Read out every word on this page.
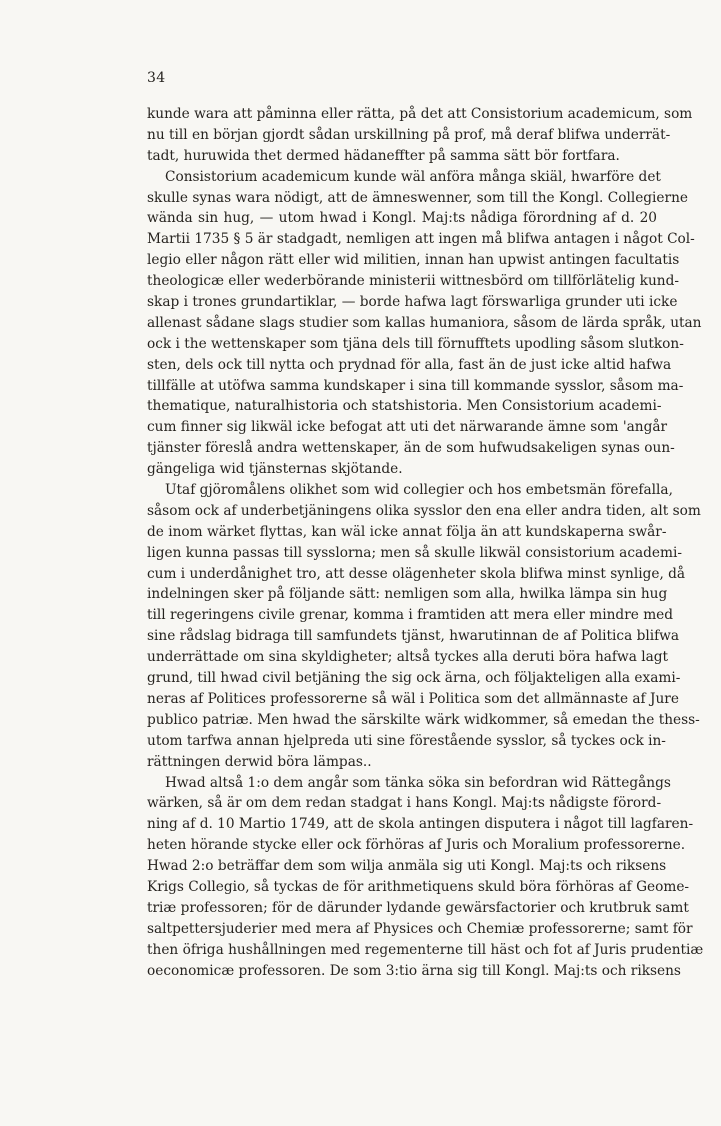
34
kunde wara att påminna eller rätta, på det att Consistorium academicum, som
nu till en början gjordt sådan urskillning på prof, må deraf blifwa underrät-
tadt, huruwida thet dermed hädaneffter på samma sätt bör fortfara.
Consistorium academicum kunde wäl anföra många skiäl, hwarföre det
skulle synas wara nödigt, att de ämneswenner, som till the Kongl. Collegierne
wända sin hug, — utom hwad i Kongl. Maj:ts nådiga förordning af d. 20
Martii 1735 § 5 är stadgadt, nemligen att ingen må blifwa antagen i något Col-
legio eller någon rätt eller wid militien, innan han upwist antingen facultatis
theologicæ eller wederbörande ministerii wittnesbörd om tillförlätelig kund-
skap i trones grundartiklar, — borde hafwa lagt förswarliga grunder uti icke
allenast sådane slags studier som kallas humaniora, såsom de lärda språk, utan
ock i the wettenskaper som tjäna dels till förnufftets upodling såsom slutkon-
sten, dels ock till nytta och prydnad för alla, fast än de just icke altid hafwa
tillfälle at utöfwa samma kundskaper i sina till kommande sysslor, såsom ma-
thematique, naturalhistoria och statshistoria. Men Consistorium academi-
cum finner sig likwäl icke befogat att uti det närwarande ämne som 'angår
tjänster föreslå andra wettenskaper, än de som hufwudsakeligen synas oun-
gängeliga wid tjänsternas skjötande.
Utaf gjöromålens olikhet som wid collegier och hos embetsmän förefalla,
såsom ock af underbetjäningens olika sysslor den ena eller andra tiden, alt som
de inom wärket flyttas, kan wäl icke annat följa än att kundskaperna swår-
ligen kunna passas till sysslorna; men så skulle likwäl consistorium academi-
cum i underdånighet tro, att desse olägenheter skola blifwa minst synlige, då
indelningen sker på följande sätt: nemligen som alla, hwilka lämpa sin hug
till regeringens civile grenar, komma i framtiden att mera eller mindre med
sine rådslag bidraga till samfundets tjänst, hwarutinnan de af Politica blifwa
underrättade om sina skyldigheter; altså tyckes alla deruti böra hafwa lagt
grund, till hwad civil betjäning the sig ock ärna, och följakteligen alla exami-
neras af Politices professorerne så wäl i Politica som det allmännaste af Jure
publico patriæ. Men hwad the särskilte wärk widkommer, så emedan the thess-
utom tarfwa annan hjelpreda uti sine förestående sysslor, så tyckes ock in-
rättningen derwid böra lämpas..
Hwad altså 1:o dem angår som tänka söka sin befordran wid Rättegångs
wärken, så är om dem redan stadgat i hans Kongl. Maj:ts nådigste förord-
ning af d. 10 Martio 1749, att de skola antingen disputera i något till lagfaren-
heten hörande stycke eller ock förhöras af Juris och Moralium professorerne.
Hwad 2:o beträffar dem som wilja anmäla sig uti Kongl. Maj:ts och riksens
Krigs Collegio, så tyckas de för arithmetiquens skuld böra förhöras af Geome-
triæ professoren; för de därunder lydande gewärsfactorier och krutbruk samt
saltpettersjuderier med mera af Physices och Chemiæ professorerne; samt för
then öfriga hushållningen med regementerne till häst och fot af Juris prudentiæ
oeconomicæ professoren. De som 3:tio ärna sig till Kongl. Maj:ts och riksens
